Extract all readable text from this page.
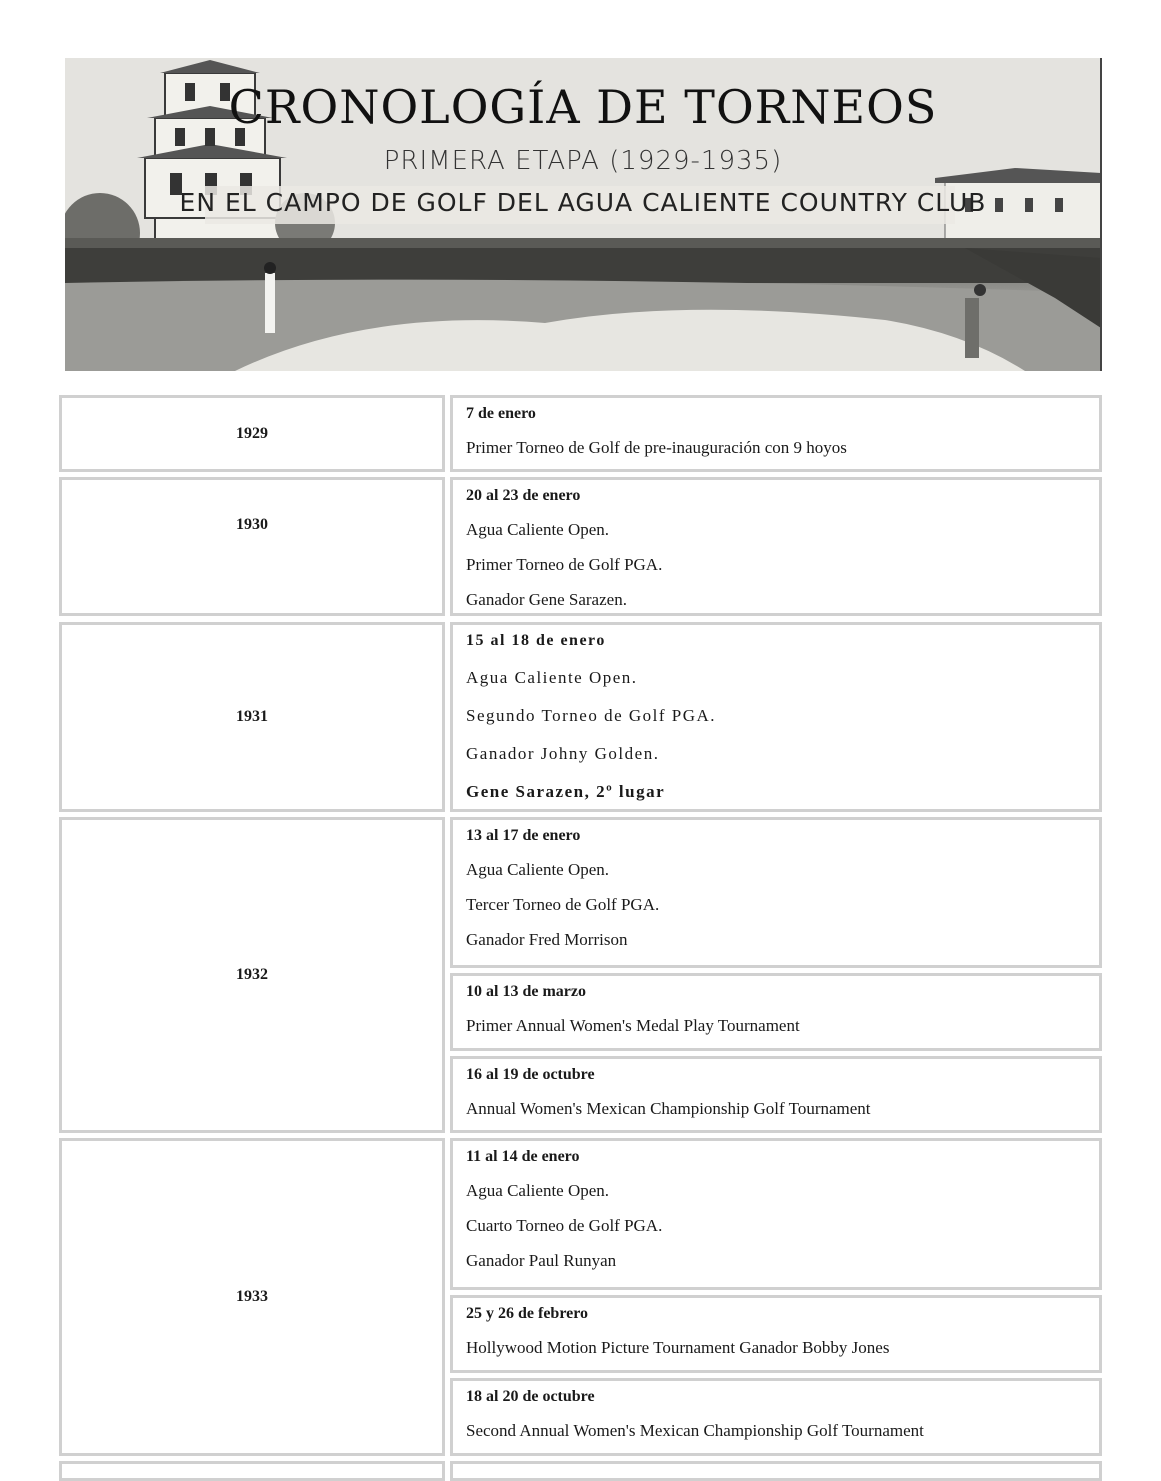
CRONOLOGÍA DE TORNEOS
PRIMERA ETAPA (1929-1935)
EN EL CAMPO DE GOLF DEL AGUA CALIENTE COUNTRY CLUB
1929
1930
1931
1932
1933
7 de enero
Primer Torneo de Golf de pre-inauguración con 9 hoyos
20 al 23 de enero
Agua Caliente Open.
Primer Torneo de Golf PGA.
Ganador Gene Sarazen.
15 al 18 de enero
Agua Caliente Open.
Segundo Torneo de Golf PGA.
Ganador Johny Golden.
Gene Sarazen, 2º lugar
13 al 17 de enero
Agua Caliente Open.
Tercer Torneo de Golf PGA.
Ganador Fred Morrison
10 al 13 de marzo
Primer Annual Women's Medal Play Tournament
16 al 19 de octubre
Annual Women's Mexican Championship Golf Tournament
11 al 14 de enero
Agua Caliente Open.
Cuarto Torneo de Golf PGA.
Ganador Paul Runyan
25 y 26 de febrero
Hollywood Motion Picture Tournament Ganador Bobby Jones
18 al 20 de octubre
Second Annual Women's Mexican Championship Golf Tournament
